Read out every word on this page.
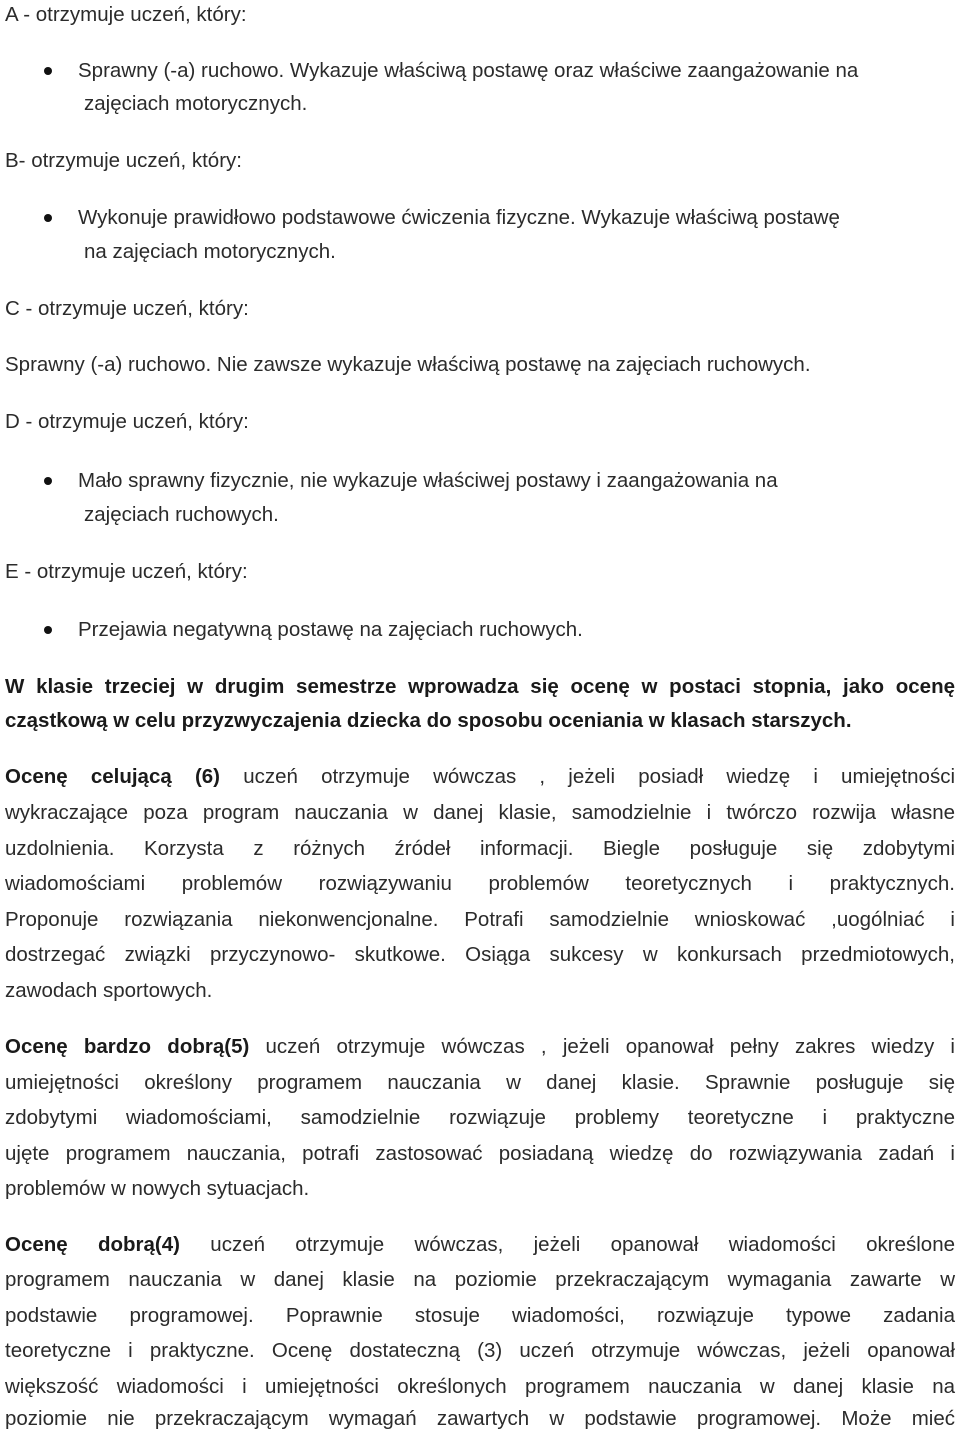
A - otrzymuje uczeń, który:
Sprawny (-a) ruchowo. Wykazuje właściwą postawę oraz właściwe zaangażowanie na
zajęciach motorycznych.
B- otrzymuje uczeń, który:
Wykonuje prawidłowo podstawowe ćwiczenia fizyczne. Wykazuje właściwą postawę
na zajęciach motorycznych.
C - otrzymuje uczeń, który:
Sprawny (-a) ruchowo. Nie zawsze wykazuje właściwą postawę na zajęciach ruchowych.
D - otrzymuje uczeń, który:
Mało sprawny fizycznie, nie wykazuje właściwej postawy i zaangażowania na
zajęciach ruchowych.
E - otrzymuje uczeń, który:
Przejawia negatywną postawę na zajęciach ruchowych.
W klasie trzeciej w drugim semestrze wprowadza się ocenę w postaci stopnia, jako ocenę
cząstkową w celu przyzwyczajenia dziecka do sposobu oceniania w klasach starszych.
Ocenę celującą (6) uczeń otrzymuje wówczas , jeżeli posiadł wiedzę i umiejętności
wykraczające poza program nauczania w danej klasie, samodzielnie i twórczo rozwija własne
uzdolnienia. Korzysta z różnych źródeł informacji. Biegle posługuje się zdobytymi
wiadomościami problemów rozwiązywaniu problemów teoretycznych i praktycznych.
Proponuje rozwiązania niekonwencjonalne. Potrafi samodzielnie wnioskować ,uogólniać i
dostrzegać związki przyczynowo- skutkowe. Osiąga sukcesy w konkursach przedmiotowych,
zawodach sportowych.
Ocenę bardzo dobrą(5) uczeń otrzymuje wówczas , jeżeli opanował pełny zakres wiedzy i
umiejętności określony programem nauczania w danej klasie. Sprawnie posługuje się
zdobytymi wiadomościami, samodzielnie rozwiązuje problemy teoretyczne i praktyczne
ujęte programem nauczania, potrafi zastosować posiadaną wiedzę do rozwiązywania zadań i
problemów w nowych sytuacjach.
Ocenę dobrą(4) uczeń otrzymuje wówczas, jeżeli opanował wiadomości określone
programem nauczania w danej klasie na poziomie przekraczającym wymagania zawarte w
podstawie programowej. Poprawnie stosuje wiadomości, rozwiązuje typowe zadania
teoretyczne i praktyczne. Ocenę dostateczną (3) uczeń otrzymuje wówczas, jeżeli opanował
większość wiadomości i umiejętności określonych programem nauczania w danej klasie na
poziomie nie przekraczającym wymagań zawartych w podstawie programowej. Może mieć
